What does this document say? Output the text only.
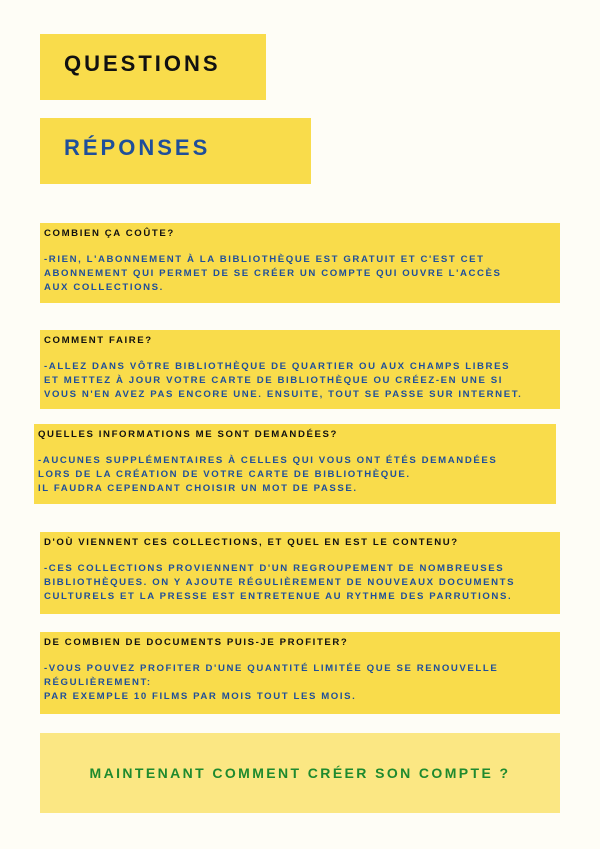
QUESTIONS
RÉPONSES
COMBIEN ÇA COÛTE?
-RIEN, L'ABONNEMENT À LA BIBLIOTHÈQUE EST GRATUIT ET C'EST CET
ABONNEMENT QUI PERMET DE SE CRÉER UN COMPTE QUI OUVRE L'ACCÈS
AUX COLLECTIONS.
COMMENT FAIRE?
-ALLEZ DANS VÔTRE BIBLIOTHÈQUE DE QUARTIER OU AUX CHAMPS LIBRES
ET METTEZ À JOUR VOTRE CARTE DE BIBLIOTHÈQUE OU CRÉEZ-EN UNE SI
VOUS N'EN AVEZ PAS ENCORE UNE. ENSUITE, TOUT SE PASSE SUR INTERNET.
QUELLES INFORMATIONS ME SONT DEMANDÉES?
-AUCUNES SUPPLÉMENTAIRES À CELLES QUI VOUS ONT ÉTÉS DEMANDÉES
LORS DE LA CRÉATION DE VOTRE CARTE DE BIBLIOTHÈQUE.
IL FAUDRA CEPENDANT CHOISIR UN MOT DE PASSE.
D'OÙ VIENNENT CES COLLECTIONS, ET QUEL EN EST LE CONTENU?
-CES COLLECTIONS PROVIENNENT D'UN REGROUPEMENT DE NOMBREUSES
BIBLIOTHÈQUES. ON Y AJOUTE RÉGULIÈREMENT DE NOUVEAUX DOCUMENTS
CULTURELS ET LA PRESSE EST ENTRETENUE AU RYTHME DES PARRUTIONS.
DE COMBIEN DE DOCUMENTS PUIS-JE PROFITER?
-VOUS POUVEZ PROFITER D'UNE QUANTITÉ LIMITÉE QUE SE RENOUVELLE
RÉGULIÈREMENT:
PAR EXEMPLE 10 FILMS PAR MOIS TOUT LES MOIS.
MAINTENANT COMMENT CRÉER SON COMPTE ?
